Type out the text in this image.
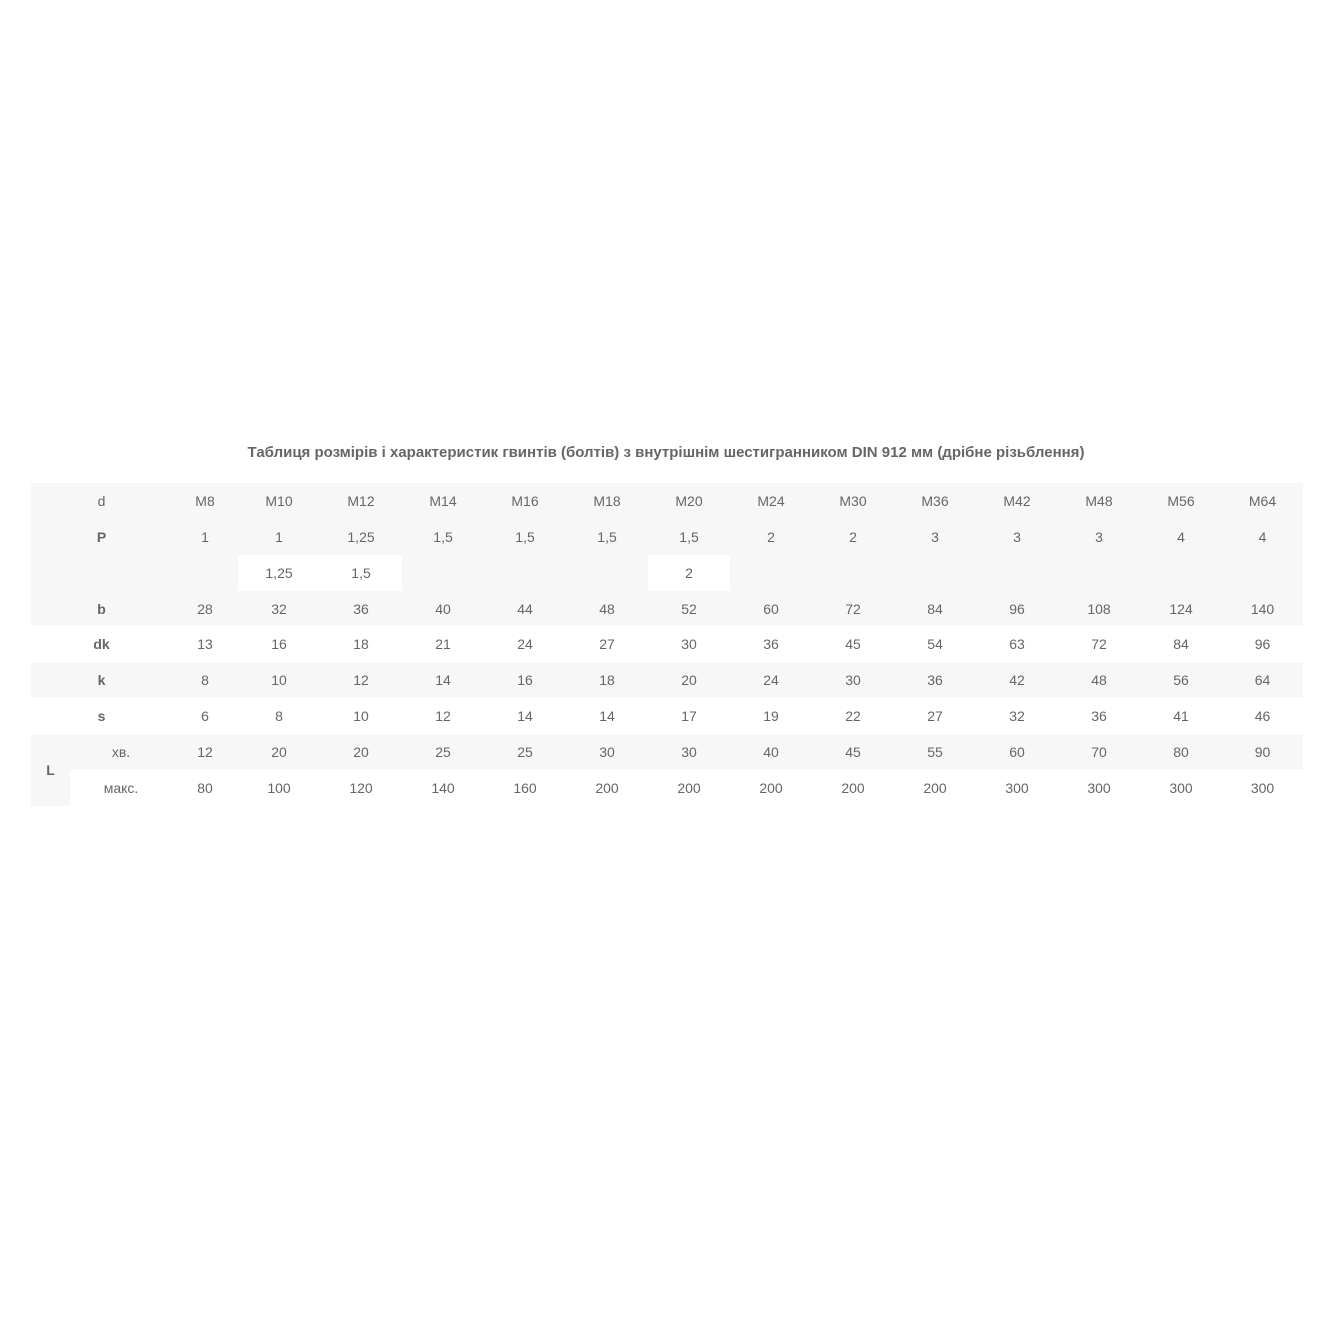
Таблиця розмірів і характеристик гвинтів (болтів) з внутрішнім шестигранником DIN 912 мм (дрібне різьблення)
d		M8	M10	M12	M14	M16	M18	M20	M24	M30	M36	M42	M48	M56	M64
P		1	1	1,25	1,5	1,5	1,5	1,5	2	2	3	3	3	4	4
			1,25	1,5				2							
b		28	32	36	40	44	48	52	60	72	84	96	108	124	140
dk		13	16	18	21	24	27	30	36	45	54	63	72	84	96
k		8	10	12	14	16	18	20	24	30	36	42	48	56	64
s		6	8	10	12	14	14	17	19	22	27	32	36	41	46
L	хв.	12	20	20	25	25	30	30	40	45	55	60	70	80	90
	макс.	80	100	120	140	160	200	200	200	200	200	300	300	300	300
